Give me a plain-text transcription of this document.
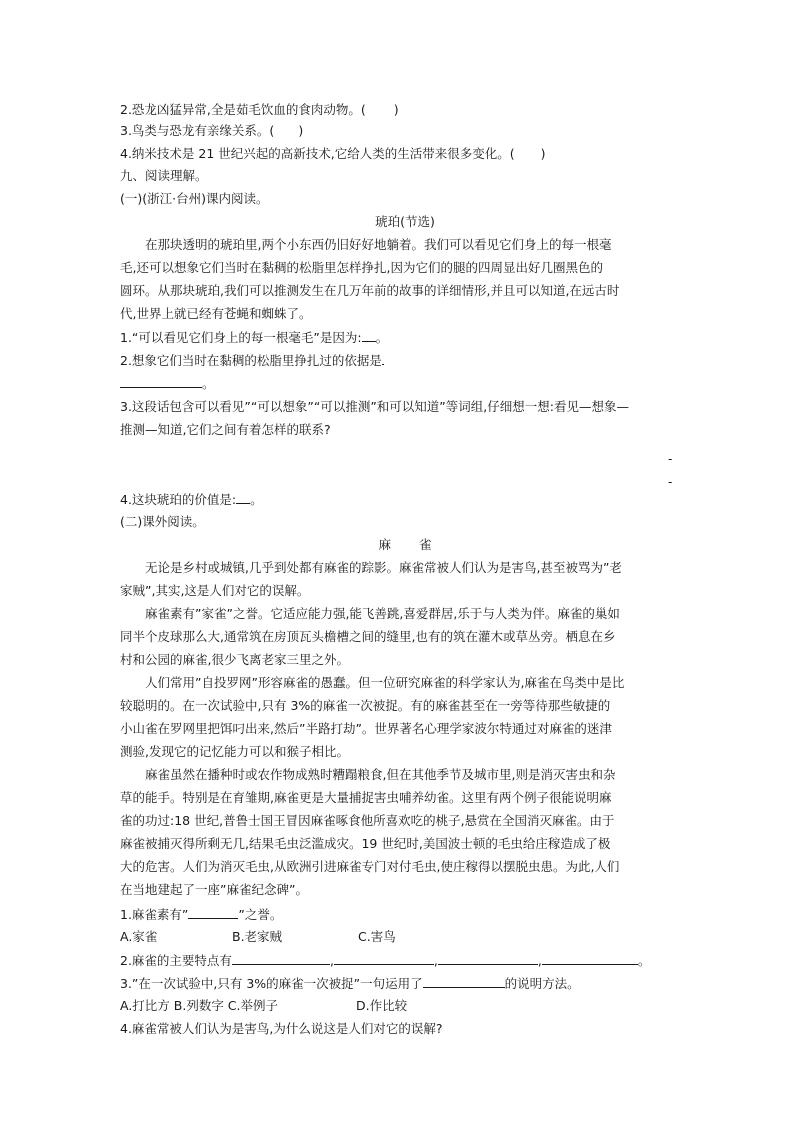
2.恐龙凶猛异常,全是茹毛饮血的食肉动物。( )
3.鸟类与恐龙有亲缘关系。( )
4.纳米技术是 21 世纪兴起的高新技术,它给人类的生活带来很多变化。( )
九、阅读理解。
(一)(浙江·台州)课内阅读。
琥珀(节选)
在那块透明的琥珀里,两个小东西仍旧好好地躺着。我们可以看见它们身上的每一根毫
毛,还可以想象它们当时在黏稠的松脂里怎样挣扎,因为它们的腿的四周显出好几圈黑色的
圆环。从那块琥珀,我们可以推测发生在几万年前的故事的详细情形,并且可以知道,在远古时
代,世界上就已经有苍蝇和蜘蛛了。
1.“可以看见它们身上的每一根毫毛”是因为: 。
2.想象它们当时在黏稠的松脂里挣扎过的依据是
。
3.这段话包含可以看见”“可以想象”“可以推测”和可以知道”等词组,仔细想一想:看见—想象—
推测—知道,它们之间有着怎样的联系?
-
-
4.这块琥珀的价值是: 。
(二)课外阅读。
麻 雀
无论是乡村或城镇,几乎到处都有麻雀的踪影。麻雀常被人们认为是害鸟,甚至被骂为”老
家贼”,其实,这是人们对它的误解。
麻雀素有”家雀”之誉。它适应能力强,能飞善跳,喜爱群居,乐于与人类为伴。麻雀的巢如
同半个皮球那么大,通常筑在房顶瓦头檐槽之间的缝里,也有的筑在灌木或草丛旁。栖息在乡
村和公园的麻雀,很少飞离老家三里之外。
人们常用”自投罗网”形容麻雀的愚蠢。但一位研究麻雀的科学家认为,麻雀在鸟类中是比
较聪明的。在一次试验中,只有 3%的麻雀一次被捉。有的麻雀甚至在一旁等待那些敏捷的
小山雀在罗网里把饵叼出来,然后”半路打劫”。世界著名心理学家波尔特通过对麻雀的迷津
测验,发现它的记忆能力可以和猴子相比。
麻雀虽然在播种时或农作物成熟时糟蹋粮食,但在其他季节及城市里,则是消灭害虫和杂
草的能手。特别是在育雏期,麻雀更是大量捕捉害虫哺养幼雀。这里有两个例子很能说明麻
雀的功过:18 世纪,普鲁士国王冒因麻雀啄食他所喜欢吃的桃子,悬赏在全国消灭麻雀。由于
麻雀被捕灭得所剩无几,结果毛虫泛滥成灾。19 世纪时,美国波士顿的毛虫给庄稼造成了极
大的危害。人们为消灭毛虫,从欧洲引进麻雀专门对付毛虫,使庄稼得以摆脱虫患。为此,人们
在当地建起了一座”麻雀纪念碑”。
1.麻雀素有”	”之誉。
A.家雀	B.老家贼	C.害鸟
2.麻雀的主要特点有	,	,	,	。
3.”在一次试验中,只有 3%的麻雀一次被捉”一句运用了	的说明方法。
A.打比方 B.列数字 C.举例子	D.作比较
4.麻雀常被人们认为是害鸟,为什么说这是人们对它的误解?
